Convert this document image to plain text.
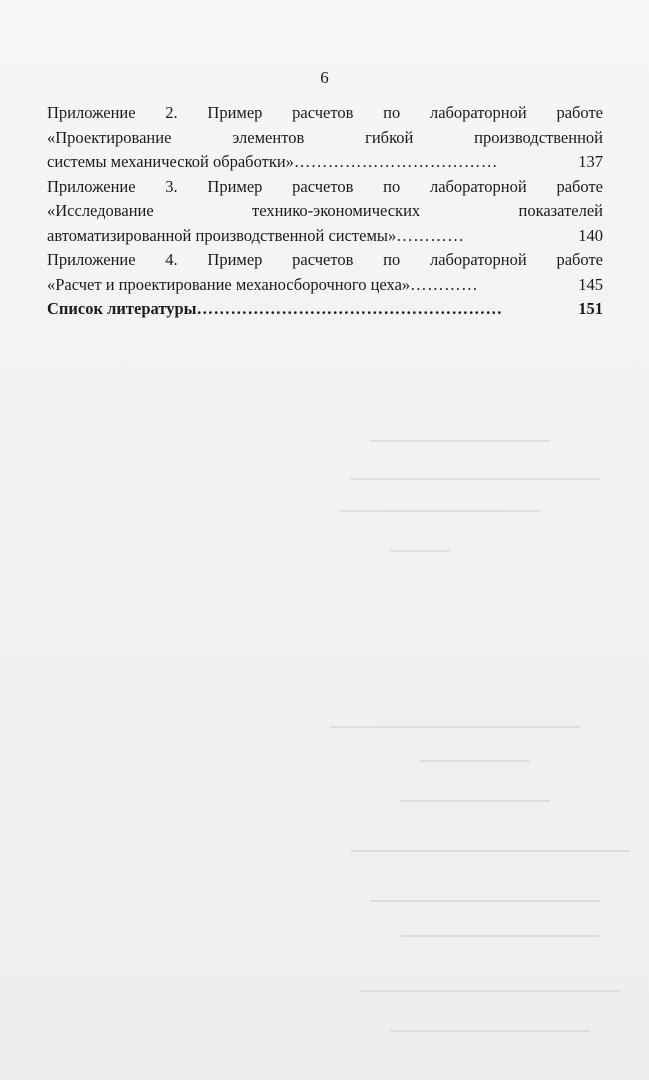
6
Приложение 2. Пример расчетов по лабораторной работе
«Проектирование элементов гибкой производственной
системы механической обработки» ………………………………	137
Приложение 3. Пример расчетов по лабораторной работе
«Исследование технико-экономических показателей
автоматизированной производственной системы» …………	140
Приложение 4. Пример расчетов по лабораторной работе
«Расчет и проектирование механосборочного цеха» …………	145
Список литературы ………………………………………………	151
